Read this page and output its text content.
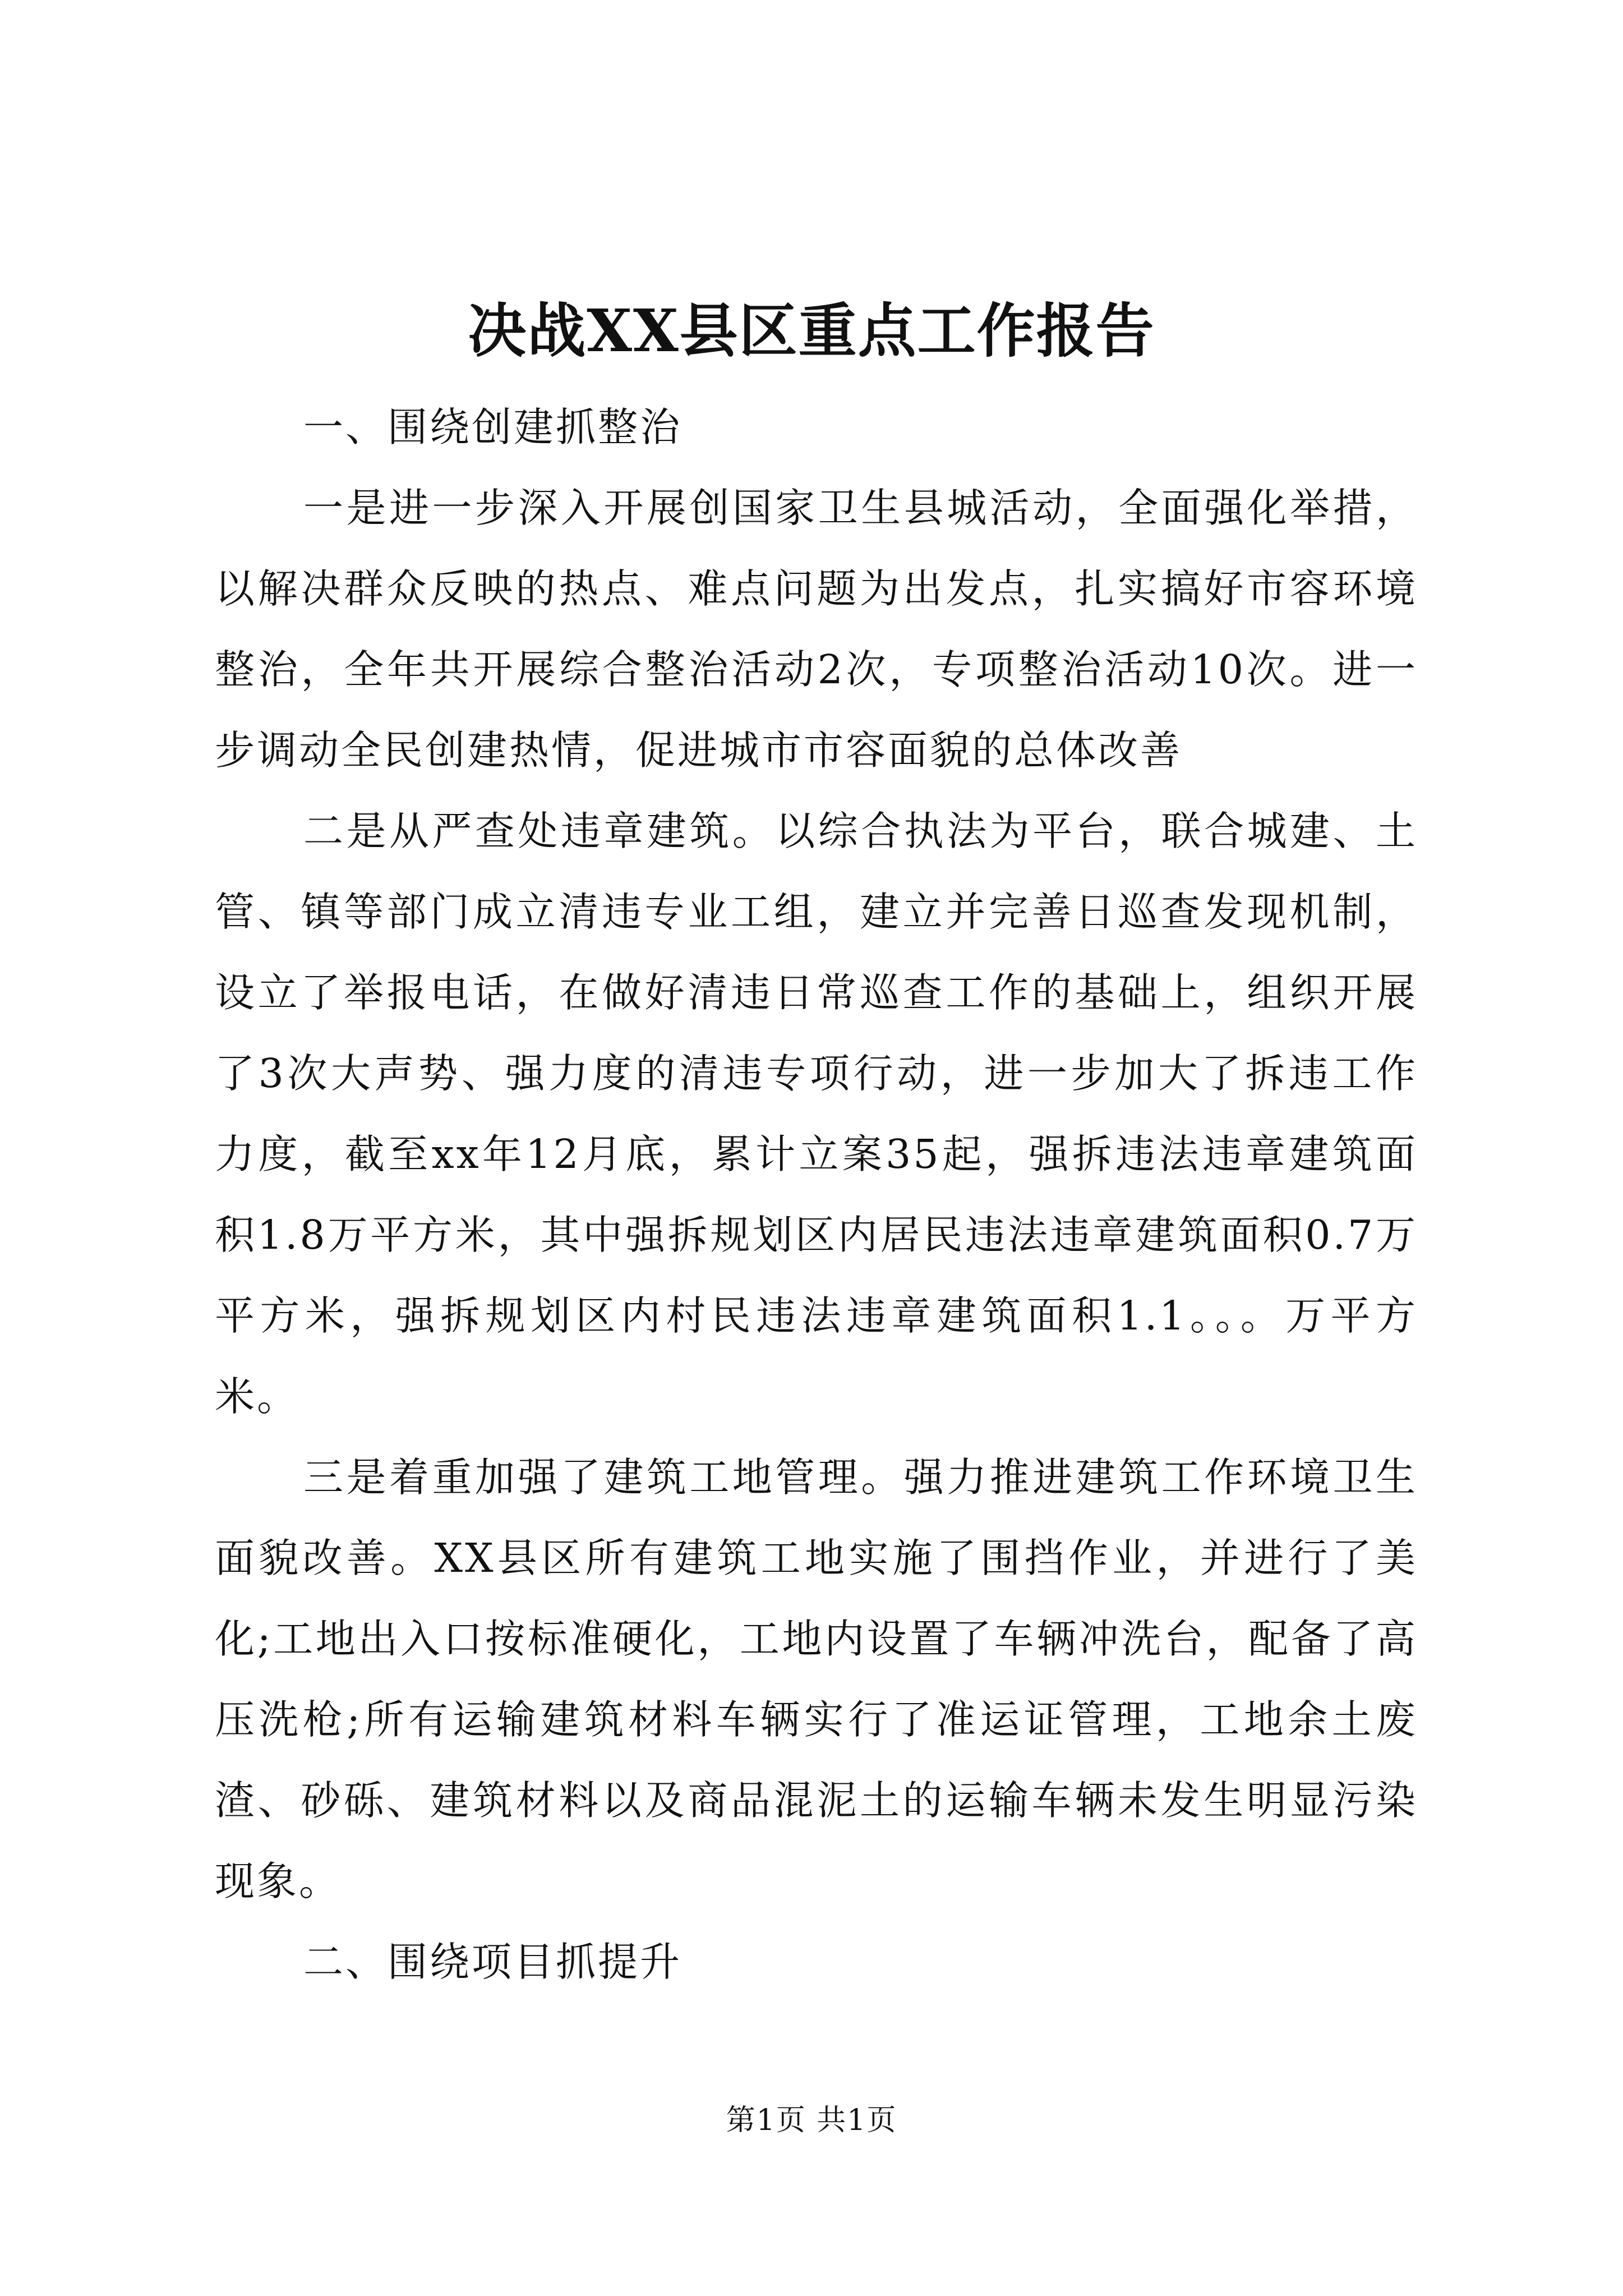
决战XX县区重点工作报告

一、围绕创建抓整治

一是进一步深入开展创国家卫生县城活动，全面强化举措，以解决群众反映的热点、难点问题为出发点，扎实搞好市容环境整治，全年共开展综合整治活动2次，专项整治活动10次。进一步调动全民创建热情，促进城市市容面貌的总体改善

二是从严查处违章建筑。以综合执法为平台，联合城建、土管、镇等部门成立清违专业工组，建立并完善日巡查发现机制，设立了举报电话，在做好清违日常巡查工作的基础上，组织开展了3次大声势、强力度的清违专项行动，进一步加大了拆违工作力度，截至xx年12月底，累计立案35起，强拆违法违章建筑面积1.8万平方米，其中强拆规划区内居民违法违章建筑面积0.7万平方米，强拆规划区内村民违法违章建筑面积1.1。。。万平方米。

三是着重加强了建筑工地管理。强力推进建筑工作环境卫生面貌改善。XX县区所有建筑工地实施了围挡作业，并进行了美化;工地出入口按标准硬化，工地内设置了车辆冲洗台，配备了高压洗枪;所有运输建筑材料车辆实行了准运证管理，工地余土废渣、砂砾、建筑材料以及商品混泥土的运输车辆未发生明显污染现象。

二、围绕项目抓提升

第1页 共1页
